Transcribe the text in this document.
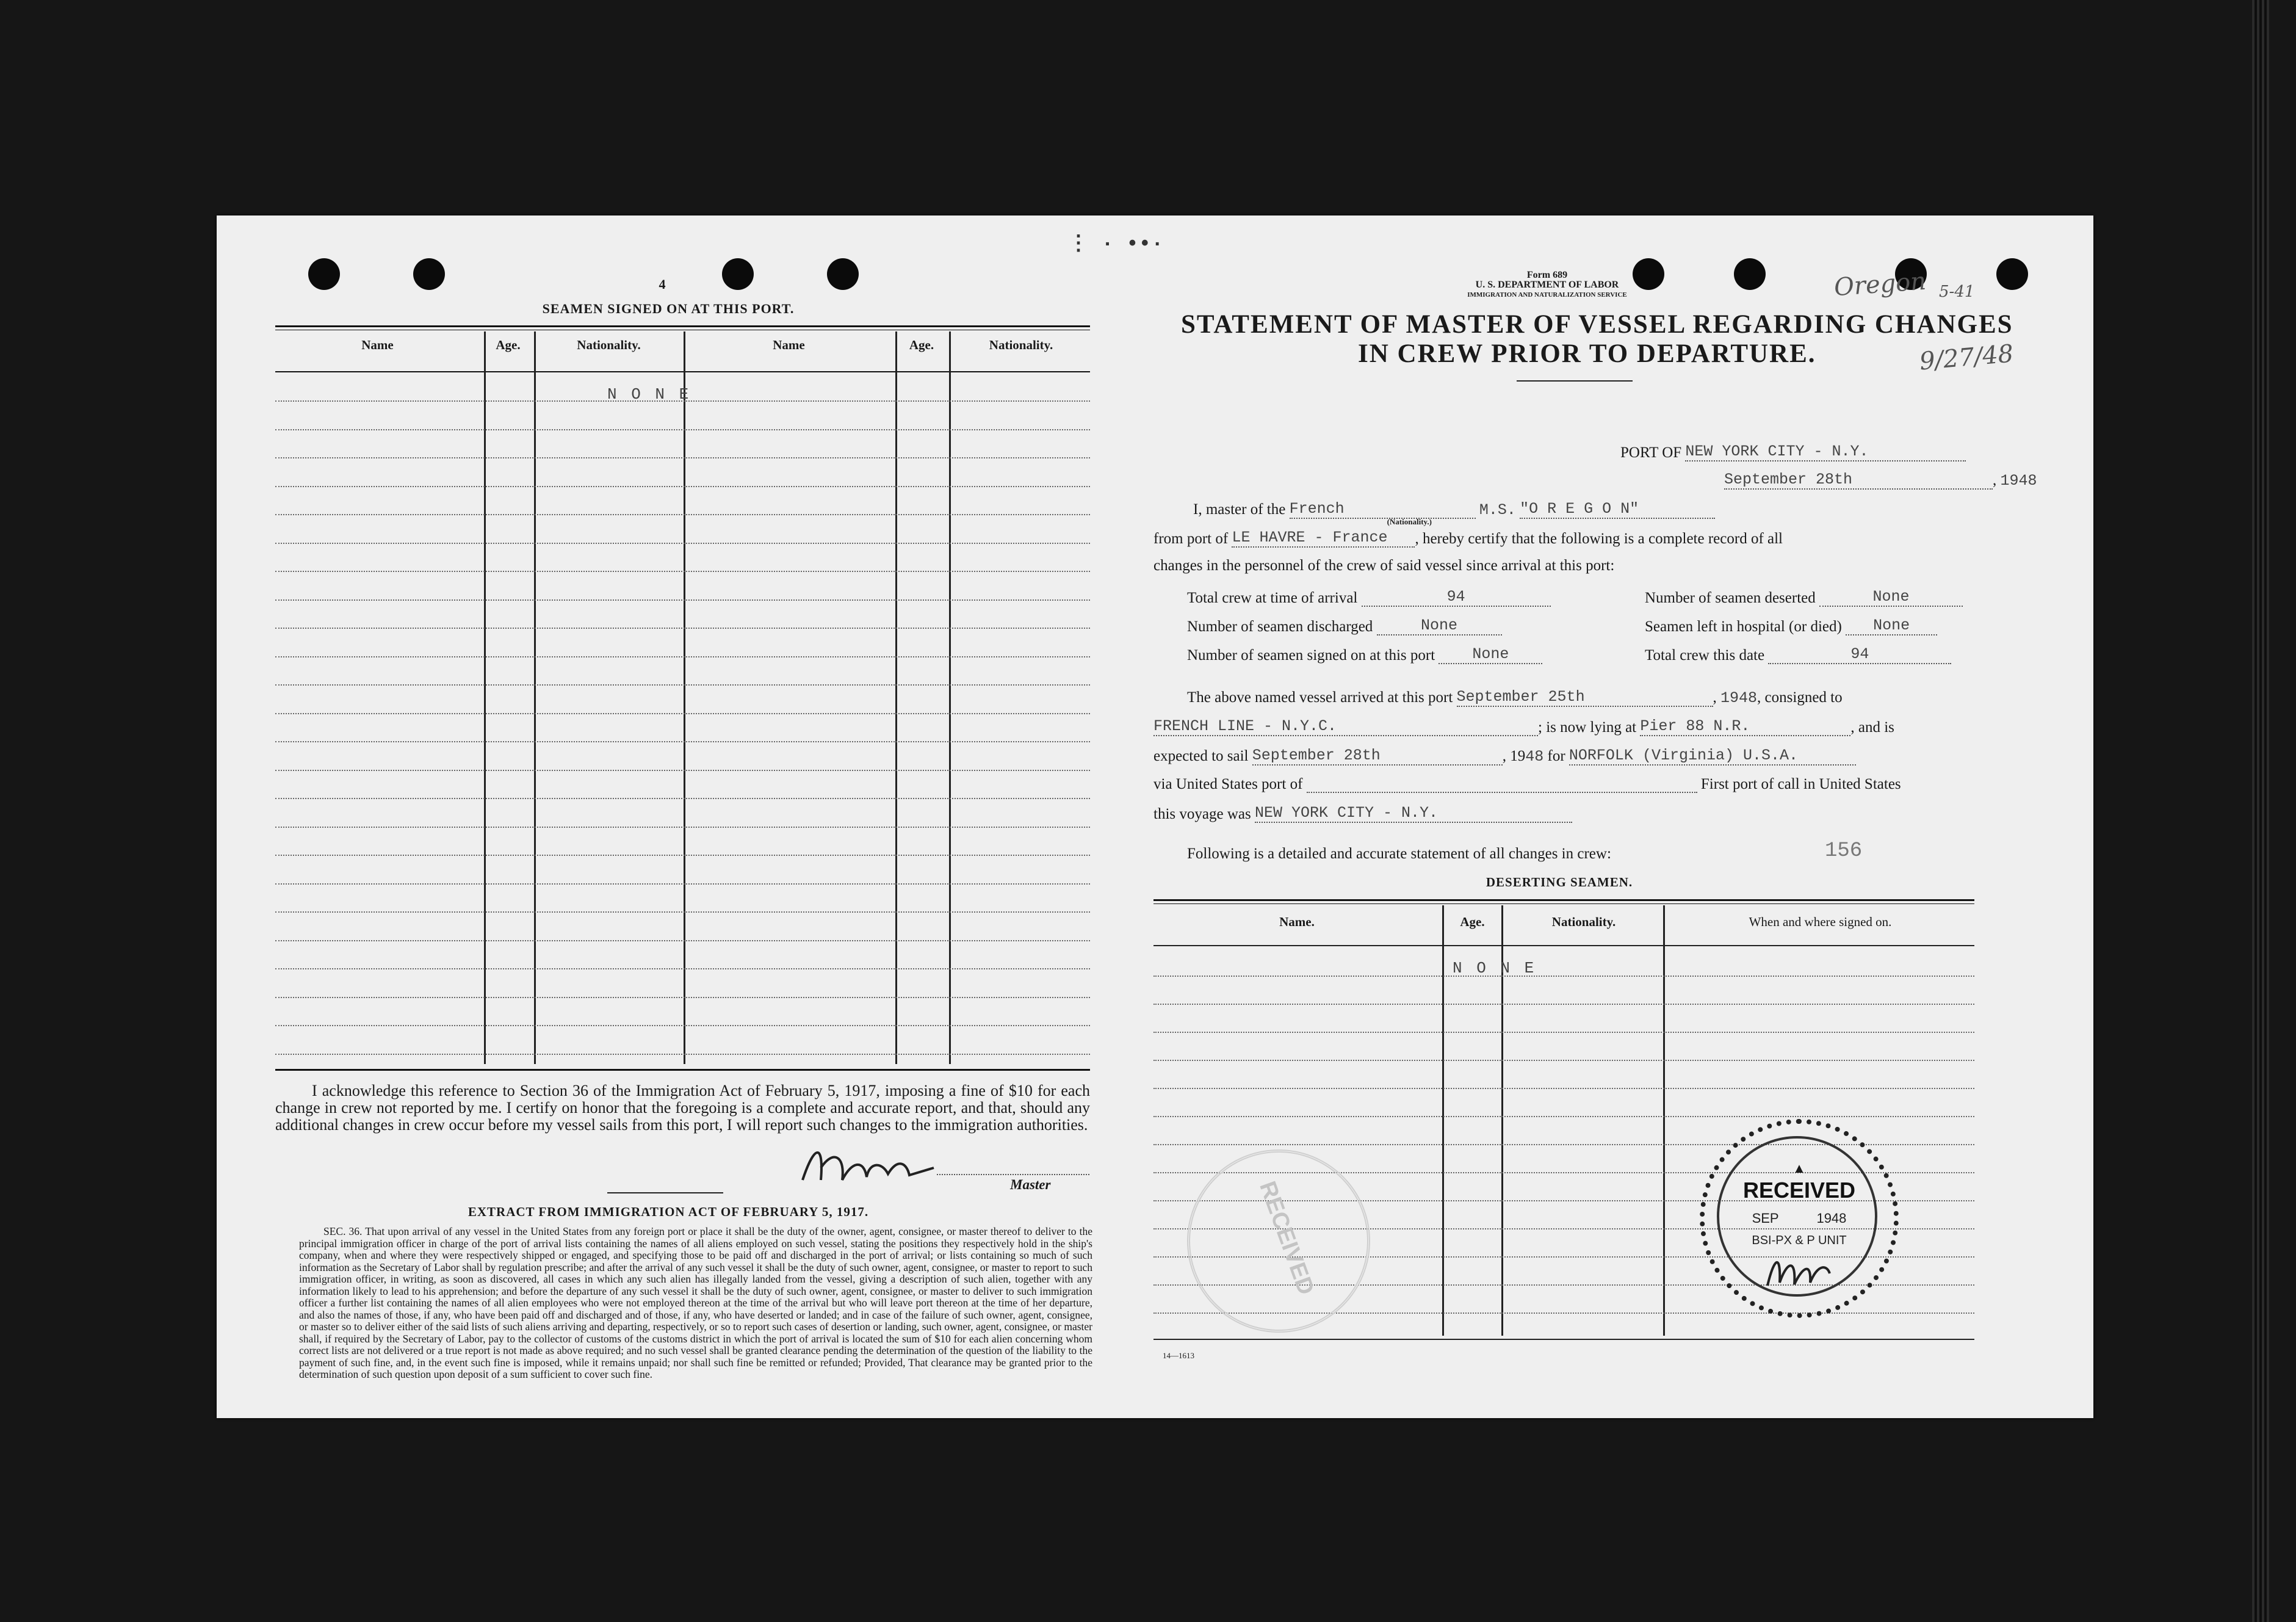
4
SEAMEN SIGNED ON AT THIS PORT.
Name	Age.	Nationality.	Name	Age.	Nationality.
N O N E
I acknowledge this reference to Section 36 of the Immigration Act of February 5, 1917, imposing a fine of $10 for each change in crew not reported by me. I certify on honor that the foregoing is a complete and accurate report, and that, should any additional changes in crew occur before my vessel sails from this port, I will report such changes to the immigration authorities.
Master
EXTRACT FROM IMMIGRATION ACT OF FEBRUARY 5, 1917.
SEC. 36. That upon arrival of any vessel in the United States from any foreign port or place it shall be the duty of the owner, agent, consignee, or master thereof to deliver to the principal immigration officer in charge of the port of arrival lists containing the names of all aliens employed on such vessel, stating the positions they respectively hold in the ship's company, when and where they were respectively shipped or engaged, and specifying those to be paid off and discharged in the port of arrival; or lists containing so much of such information as the Secretary of Labor shall by regulation prescribe; and after the arrival of any such vessel it shall be the duty of such owner, agent, consignee, or master to report to such immigration officer, in writing, as soon as discovered, all cases in which any such alien has illegally landed from the vessel, giving a description of such alien, together with any information likely to lead to his apprehension; and before the departure of any such vessel it shall be the duty of such owner, agent, consignee, or master to deliver to such immigration officer a further list containing the names of all alien employees who were not employed thereon at the time of the arrival but who will leave port thereon at the time of her departure, and also the names of those, if any, who have been paid off and discharged and of those, if any, who have deserted or landed; and in case of the failure of such owner, agent, consignee, or master so to deliver either of the said lists of such aliens arriving and departing, respectively, or so to report such cases of desertion or landing, such owner, agent, consignee, or master shall, if required by the Secretary of Labor, pay to the collector of customs of the customs district in which the port of arrival is located the sum of $10 for each alien concerning whom correct lists are not delivered or a true report is not made as above required; and no such vessel shall be granted clearance pending the determination of the question of the liability to the payment of such fine, and, in the event such fine is imposed, while it remains unpaid; nor shall such fine be remitted or refunded; Provided, That clearance may be granted prior to the determination of such question upon deposit of a sum sufficient to cover such fine.
5-41
Oregon
Form 689
U. S. DEPARTMENT OF LABOR
IMMIGRATION AND NATURALIZATION SERVICE
STATEMENT OF MASTER OF VESSEL REGARDING CHANGES
IN CREW PRIOR TO DEPARTURE.	9/27/48
PORT OF NEW YORK CITY - N.Y.
September 28th	, 1948
I, master of the French
(Nationality.)
M.S. "O R E G O N"
from port of LE HAVRE - France , hereby certify that the following is a complete record of all
changes in the personnel of the crew of said vessel since arrival at this port:
Total crew at time of arrival	94	Number of seamen deserted	None
Number of seamen discharged	None	Seamen left in hospital (or died) None
Number of seamen signed on at this port None	Total crew this date	94
The above named vessel arrived at this port September 25th	, 1948, consigned to
FRENCH LINE - N.Y.C.	; is now lying at Pier 88 N.R.	, and is
expected to sail September 28th	, 1948 for NORFOLK (Virginia) U.S.A.
via United States port of	First port of call in United States
this voyage was NEW YORK CITY - N.Y.
Following is a detailed and accurate statement of all changes in crew:	156
DESERTING SEAMEN.
Name.	Age.	Nationality.	When and where signed on.
N O N E
14—1613
RECEIVED
▲
RECEIVED
SEP	1948
BSI-PX & P UNIT
⋮ · ••·
